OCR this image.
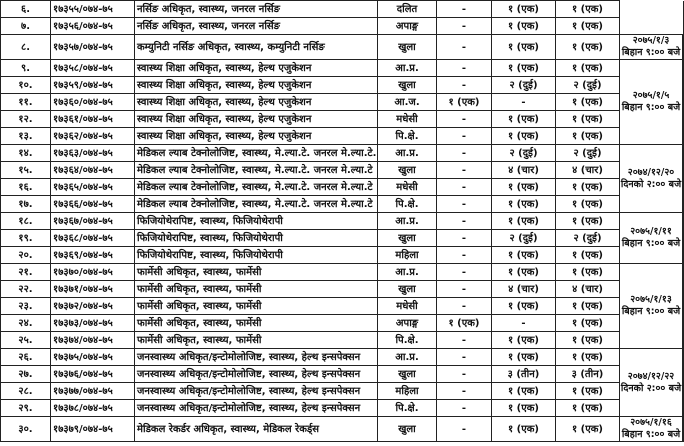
६.	१७३५५/०७४-७५	नर्सिङ अधिकृत, स्वास्थ्य, जनरल नर्सिङ	दलित	-	१ (एक)	१ (एक)		
७.	१७३५६/०७४-७५	नर्सिङ अधिकृत, स्वास्थ्य, जनरल नर्सिङ	अपाङ्ग	-	१ (एक)	१ (एक)		
८.	१७३५७/०७४-७५	कम्युनिटी नर्सिङ अधिकृत, स्वास्थ्य, कम्युनिटी नर्सिङ	खुला	-	१ (एक)	१ (एक)	२०७५/१/३
बिहान ९:०० बजे

९.	१७३५८/०७४-७५	स्वास्थ्य शिक्षा अधिकृत, स्वास्थ्य, हेल्थ एजुकेशन	आ.प्र.	-	१ (एक)	१ (एक)	२०७५/१/५
बिहान ९:०० बजे

१०.	१७३५९/०७४-७५	स्वास्थ्य शिक्षा अधिकृत, स्वास्थ्य, हेल्थ एजुकेशन	खुला	-	२ (दुई)	२ (दुई)		
११.	१७३६०/०७४-७५	स्वास्थ्य शिक्षा अधिकृत, स्वास्थ्य, हेल्थ एजुकेशन	आ.ज.	१ (एक)	-	१ (एक)		
१२.	१७३६१/०७४-७५	स्वास्थ्य शिक्षा अधिकृत, स्वास्थ्य, हेल्थ एजुकेशन	मधेसी	-	१ (एक)	१ (एक)		
१३.	१७३६२/०७४-७५	स्वास्थ्य शिक्षा अधिकृत, स्वास्थ्य, हेल्थ एजुकेशन	पि.क्षे.	-	१ (एक)	१ (एक)		
१४.	१७३६३/०७४-७५	मेडिकल ल्याब टेक्नोलोजिष्ट, स्वास्थ्य, मे.ल्या.टे. जनरल मे.ल्या.टे.	आ.प्र.	-	२ (दुई)	२ (दुई)	२०७४/१२/२०
दिनको २:०० बजे

१५.	१७३६४/०७४-७५	मेडिकल ल्याब टेक्नोलोजिष्ट, स्वास्थ्य, मे.ल्या.टे. जनरल मे.ल्या.टे	खुला	-	४ (चार)	४ (चार)		
१६.	१७३६५/०७४-७५	मेडिकल ल्याब टेक्नोलोजिष्ट, स्वास्थ्य, मे.ल्या.टे. जनरल मे.ल्या.टे	मधेसी	-	१ (एक)	१ (एक)		
१७.	१७३६६/०७४-७५	मेडिकल ल्याब टेक्नोलोजिष्ट, स्वास्थ्य, मे.ल्या.टे. जनरल मे.ल्या.टे	पि.क्षे.	-	१ (एक)	१ (एक)		
१८.	१७३६७/०७४-७५	फिजियोथेरापिष्ट, स्वास्थ्य, फिजियोथेरापी	आ.प्र.	-	१ (एक)	१ (एक)	२०७५/१/११
बिहान ९:०० बजे

१९.	१७३६८/०७४-७५	फिजियोथेरापिष्ट, स्वास्थ्य, फिजियोथेरापी	खुला	-	२ (दुई)	२ (दुई)		
२०.	१७३६९/०७४-७५	फिजियोथेरापिष्ट, स्वास्थ्य, फिजियोथेरापी	महिला	-	१ (एक)	१ (एक)		
२१.	१७३७०/०७४-७५	फार्मेसी अधिकृत, स्वास्थ्य, फार्मेसी	आ.प्र.	-	१ (एक)	१ (एक)	२०७५/१/१३
बिहान ९:०० बजे

२२.	१७३७१/०७४-७५	फार्मेसी अधिकृत, स्वास्थ्य, फार्मेसी	खुला	-	४ (चार)	४ (चार)		
२३.	१७३७२/०७४-७५	फार्मेसी अधिकृत, स्वास्थ्य, फार्मेसी	मधेसी	-	१ (एक)	१ (एक)		
२४.	१७३७३/०७४-७५	फार्मेसी अधिकृत, स्वास्थ्य, फार्मेसी	अपाङ्ग	१ (एक)	-	१ (एक)		
२५.	१७३७४/०७४-७५	फार्मेसी अधिकृत, स्वास्थ्य, फार्मेसी	पि.क्षे.	-	१ (एक)	१ (एक)		
२६.	१७३७५/०७४-७५	जनस्वास्थ्य अधिकृत/इन्टोमोलोजिष्ट, स्वास्थ्य, हेल्थ इन्सपेक्सन	आ.प्र.	-	१ (एक)	१ (एक)	२०७४/१२/२२
दिनको २:०० बजे

२७.	१७३७६/०७४-७५	जनस्वास्थ्य अधिकृत/इन्टोमोलोजिष्ट, स्वास्थ्य, हेल्थ इन्सपेक्सन	खुला	-	३ (तीन)	३ (तीन)		
२८.	१७३७७/०७४-७५	जनस्वास्थ्य अधिकृत/इन्टोमोलोजिष्ट, स्वास्थ्य, हेल्थ इन्सपेक्सन	महिला	-	१ (एक)	१ (एक)		
२९.	१७३७८/०७४-७५	जनस्वास्थ्य अधिकृत/इन्टोमोलोजिष्ट, स्वास्थ्य, हेल्थ इन्सपेक्सन	पि.क्षे.	-	१ (एक)	१ (एक)		
३०.	१७३७९/०७४-७५	मेडिकल रेकर्डर अधिकृत, स्वास्थ्य, मेडिकल रेकर्ड्स	खुला	-	१ (एक)	१ (एक)	२०७५/१/१६
बिहान ९:०० बजे
